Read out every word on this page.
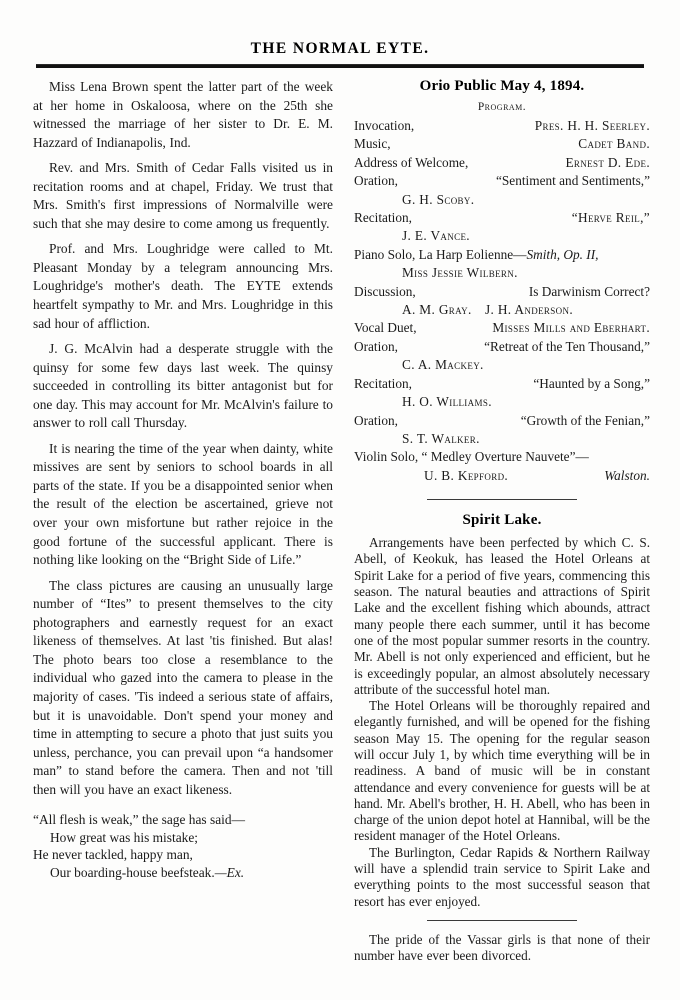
THE NORMAL EYTE.

Miss Lena Brown spent the latter part of the week at her home in Oskaloosa, where on the 25th she witnessed the marriage of her sister to Dr. E. M. Hazzard of Indianapolis, Ind.

Rev. and Mrs. Smith of Cedar Falls visited us in recitation rooms and at chapel, Friday. We trust that Mrs. Smith's first impressions of Normalville were such that she may desire to come among us frequently.

Prof. and Mrs. Loughridge were called to Mt. Pleasant Monday by a telegram announcing Mrs. Loughridge's mother's death. The EYTE extends heartfelt sympathy to Mr. and Mrs. Loughridge in this sad hour of affliction.

J. G. McAlvin had a desperate struggle with the quinsy for some few days last week. The quinsy succeeded in controlling its bitter antagonist but for one day. This may account for Mr. McAlvin's failure to answer to roll call Thursday.

It is nearing the time of the year when dainty, white missives are sent by seniors to school boards in all parts of the state. If you be a disappointed senior when the result of the election be ascertained, grieve not over your own misfortune but rather rejoice in the good fortune of the successful applicant. There is nothing like looking on the “Bright Side of Life.”

The class pictures are causing an unusually large number of “Ites” to present themselves to the city photographers and earnestly request for an exact likeness of themselves. At last 'tis finished. But alas! The photo bears too close a resemblance to the individual who gazed into the camera to please in the majority of cases. 'Tis indeed a serious state of affairs, but it is unavoidable. Don't spend your money and time in attempting to secure a photo that just suits you unless, perchance, you can prevail upon “a handsomer man” to stand before the camera. Then and not 'till then will you have an exact likeness.

“All flesh is weak,” the sage has said—
How great was his mistake;
He never tackled, happy man,
Our boarding-house beefsteak.—Ex.
Orio Public May 4, 1894.
Program.
Invocation,	Pres. H. H. Seerley.
Music,	Cadet Band.
Address of Welcome,	Ernest D. Ede.
Oration,	“Sentiment and Sentiments,”
G. H. Scoby.
Recitation,	“Herve Reil,”
J. E. Vance.
Piano Solo, La Harp Eolienne—Smith, Op. II,
Miss Jessie Wilbern.
Discussion,	Is Darwinism Correct?
A. M. Gray. J. H. Anderson.
Vocal Duet,	Misses Mills and Eberhart.
Oration,	“Retreat of the Ten Thousand,”
C. A. Mackey.
Recitation,	“Haunted by a Song,”
H. O. Williams.
Oration,	“Growth of the Fenian,”
S. T. Walker.
Violin Solo, “ Medley Overture Nauvete”—
U. B. Kepford.	Walston.
Spirit Lake.

Arrangements have been perfected by which C. S. Abell, of Keokuk, has leased the Hotel Orleans at Spirit Lake for a period of five years, commencing this season. The natural beauties and attractions of Spirit Lake and the excellent fishing which abounds, attract many people there each summer, until it has become one of the most popular summer resorts in the country. Mr. Abell is not only experienced and efficient, but he is exceedingly popular, an almost absolutely necessary attribute of the successful hotel man.

The Hotel Orleans will be thoroughly repaired and elegantly furnished, and will be opened for the fishing season May 15. The opening for the regular season will occur July 1, by which time everything will be in readiness. A band of music will be in constant attendance and every convenience for guests will be at hand. Mr. Abell's brother, H. H. Abell, who has been in charge of the union depot hotel at Hannibal, will be the resident manager of the Hotel Orleans.

The Burlington, Cedar Rapids & Northern Railway will have a splendid train service to Spirit Lake and everything points to the most successful season that resort has ever enjoyed.

The pride of the Vassar girls is that none of their number have ever been divorced.
